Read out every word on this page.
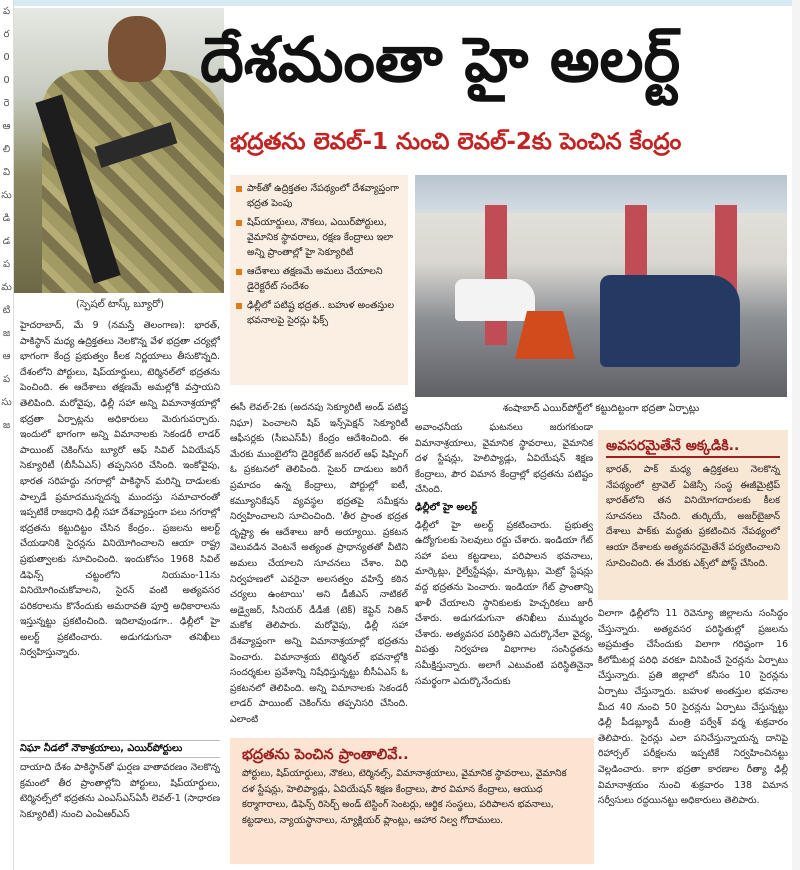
ప
ర
0
0
రె
ఆ
లి
వి
సు
డి
డ
ప
మ
టి
జ
ఆ
ప
సు
జ
దేశమంతా హై అలర్ట్
భద్రతను లెవల్-1 నుంచి లెవల్-2కు పెంచిన కేంద్రం
పాక్‌తో ఉద్రిక్తతల నేపథ్యంలో దేశవ్యాప్తంగా భద్రత పెంపు
షిప్‌యార్డులు, నౌకలు, ఎయిర్‌పోర్టులు, వైమానిక స్థావరాలు, రక్షణ కేంద్రాలు ఇలా అన్ని ప్రాంతాల్లో హై సెక్యూరిటీ
ఆదేశాలు తక్షణమే అమలు చేయాలని డైరెక్టరేట్ సందేశం
ఢిల్లీలో పటిష్ట భద్రత.. బహుళ అంతస్తుల భవనాలపై సైరన్లు ఫిక్స్
శంషాబాద్ ఎయిర్‌పోర్ట్‌లో కట్టుదిట్టంగా భద్రతా ఏర్పాట్లు
(స్పెషల్ టాస్క్ బ్యూరో)

హైదరాబాద్, మే 9 (నమస్తే తెలంగాణ): భారత్, పాకిస్థాన్ మధ్య ఉద్రిక్తతలు నెలకొన్న వేళ భద్రతా చర్యల్లో భాగంగా కేంద్ర ప్రభుత్వం కీలక నిర్ణయాలు తీసుకొన్నది. దేశంలోని పోర్టులు, షిప్‌యార్డులు, టెర్మినల్‌లో భద్రతను పెంచింది. ఈ ఆదేశాలు తక్షణమే అమల్లోకి వస్తాయని తెలిపింది. మరోవైపు, ఢిల్లీ సహా అన్ని విమానాశ్రయాల్లో భద్రతా ఏర్పాట్లను అధికారులు మెరుగుపర్చారు. ఇందులో భాగంగా అన్ని విమానాలకు సెకండరీ లాడర్ పాయింట్ చెకింగ్‌ను బ్యూరో ఆఫ్ సివిల్ ఏవియేషన్ సెక్యూరిటీ (బీసీఏఎస్) తప్పనిసరి చేసింది. ఇంకోవైపు, భారత సరిహద్దు నగరాల్లో పాకిస్థాన్ మరిన్ని దాడులకు పాల్పడే ప్రమాదమున్నదన్న ముందస్తు సమాచారంతో ఇప్పటికే రాజధాని ఢిల్లీ సహా దేశవ్యాప్తంగా పలు నగరాల్లో భద్రతను కట్టుదిట్టం చేసిన కేంద్రం.. ప్రజలను అలర్ట్ చేయడానికి సైరన్లను వినియోగించాలని ఆయా రాష్ట్ర ప్రభుత్వాలకు సూచించింది. ఇందుకోసం 1968 సివిల్ డిఫెన్స్ చట్టంలోని నియమం-11ను వినియోగించుకోవాలని, సైరన్ వంటి అత్యవసర పరికరాలను కొనేందుకు అమరావతి పూర్తి అధికారాలను ఇస్తున్నట్టు ప్రకటించింది. ఇదిలావుండగా.. ఢిల్లీలో హై అలర్ట్ ప్రకటించారు. అడుగడుగునా తనిఖీలు నిర్వహిస్తున్నారు.

నిఘా నీడలో నౌకాశ్రయాలు, ఎయిర్‌పోర్టులు

దాయాది దేశం పాకిస్థాన్‌తో ఘర్షణ వాతావరణం నెలకొన్న క్రమంలో తీర ప్రాంతాల్లోని పోర్టులు, షిప్‌యార్డులు, టెర్మినల్స్‌లో భద్రతను ఎంఎస్‌ఎస్‌ఏసీ లెవల్-1 (సాధారణ సెక్యూరిటీ) నుంచి ఎంఏఆర్‌ఎస్

ఈసీ లెవల్-2కు (అదనపు సెక్యూరిటీ అండ్ పటిష్ట నిఘా) పెంచాలని షిప్ ఇన్స్‌పెక్షన్ సెక్యూరిటీ ఆఫీసర్లకు (సీఐఎస్‌పీ) కేంద్రం ఆదేశించింది. ఈ మేరకు ముంబైలోని డైరెక్టరేట్ జనరల్ ఆఫ్ షిప్పింగ్ ఓ ప్రకటనలో తెలిపింది. సైబర్ దాడులు జరిగే ప్రమాదం ఉన్న కేంద్రాలు, పోర్టుల్లో ఐటీ, కమ్యూనికేషన్ వ్యవస్థల భద్రతపై సమీక్షను నిర్వహించాలని సూచించింది. 'తీర ప్రాంత భద్రత దృష్ట్యా ఈ ఆదేశాలు జారీ అయ్యాయి. ప్రకటన వెలువడిన వెంటనే అత్యంత ప్రాధాన్యతతో వీటిని అమలు చేయాలని సూచనలు చేశాం. విధి నిర్వహణలో ఎవరైనా అలసత్వం వహిస్తే కఠిన చర్యలు ఉంటాయి' అని డీజీఎస్ నాటికల్ అడ్వైజర్, సీనియర్ డీడీజీ (టెక్) కెప్టెన్ నితిన్ మకోక తెలిపారు. మరోవైపు, ఢిల్లీ సహా దేశవ్యాప్తంగా అన్ని విమానాశ్రయాల్లో భద్రతను పెంచారు. విమానాశ్రయ టెర్మినల్ భవనాల్లోకి సందర్శకుల ప్రవేశాన్ని నిషేధిస్తున్నట్టు బీసీఏఎస్ ఓ ప్రకటనలో తెలిపింది. అన్ని విమానాలకు సెకండరీ లాడర్ పాయింట్ చెకింగ్‌ను తప్పనిసరి చేసింది. ఎలాంటి

అవాంఛనీయ ఘటనలు జరుగకుండా విమానాశ్రయాలు, వైమానిక స్థావరాలు, వైమానిక దళ స్టేషన్లు, హెలిప్యాడ్లు, ఏవియేషన్ శిక్షణ కేంద్రాలు, పౌర విమాన కేంద్రాల్లో భద్రతను పటిష్టం చేసింది.

ఢిల్లీలో హై అలర్ట్

ఢిల్లీలో హై అలర్ట్ ప్రకటించారు. ప్రభుత్వ ఉద్యోగులకు సెలవులు రద్దు చేశారు. ఇండియా గేట్ సహా పలు కట్టడాలు, పరిపాలన భవనాలు, మార్కెట్లు, రైల్వేస్టేషన్లు, మార్కెట్లు, మెట్రో స్టేషన్లు వద్ద భద్రతను పెంచారు. ఇండియా గేట్ ప్రాంతాన్ని ఖాళీ చేయాలని స్థానికులకు హెచ్చరికలు జారీ చేశారు. అడుగడుగునా తనిఖీలు ముమ్మరం చేశారు. అత్యవసర పరిస్థితిని ఎదుర్కొనేలా వైద్య, విపత్తు నిర్వహణ విభాగాల సంసిద్ధతను సమీక్షిస్తున్నారు. అలాగే ఎటువంటి పరిస్థితినైనా సమర్థంగా ఎదుర్కొనేందుకు

అవసరమైతేనే అక్కడికి..
భారత్, పాక్ మధ్య ఉద్రిక్తతలు నెలకొన్న నేపథ్యంలో ట్రావెల్ ఏజెన్సీ సంస్థ ఈజీమైట్రిప్ భారత్‌లోని తన వినియోగదారులకు కీలక సూచనలు చేసింది. తుర్కియే, అజర్‌బైజాన్ దేశాలు పాక్‌కు మద్దతు ప్రకటించిన నేపథ్యంలో ఆయా దేశాలకు అత్యవసరమైతేనే పర్యటించాలని సూచించింది. ఈ మేరకు ఎక్స్‌లో పోస్ట్ చేసింది.

విలాగా ఢిల్లీలోని 11 రెవెన్యూ జిల్లాలను సంసిద్ధం చేస్తున్నారు. అత్యవసర పరిస్థితుల్లో ప్రజలను అప్రమత్తం చేసేందుకు విలాగా గరిష్ఠంగా 16 కిలోమీటర్ల పరిధి వరకూ వినిపించే సైరన్లను ఏర్పాటు చేస్తున్నారు. ప్రతి జిల్లాలో కనీసం 10 సైరన్లను ఏర్పాటు చేస్తున్నారు. బహుళ అంతస్తుల భవనాల మీద 40 నుంచి 50 సైరన్లను ఏర్పాటు చేస్తున్నట్టు ఢిల్లీ పీడబ్ల్యూడీ మంత్రి పర్వేశ్ వర్మ శుక్రవారం తెలిపారు. సైరన్లు ఎలా పనిచేస్తున్నాయన్న దానిపై రిహార్సల్ పరీక్షలను ఇప్పటికే నిర్వహించినట్టు వెల్లడించారు. కాగా భద్రతా కారణాల రీత్యా ఢిల్లీ విమానాశ్రయం నుంచి శుక్రవారం 138 విమాన సర్వీసులు రద్దయినట్టు అధికారులు తెలిపారు.

భద్రతను పెంచిన ప్రాంతాలివే..
పోర్టులు, షిప్‌యార్డులు, నౌకలు, టెర్మినల్స్, విమానాశ్రయాలు, వైమానిక స్థావరాలు, వైమానిక దళ స్టేషన్లు, హెలిప్యాడ్లు, ఏవియేషన్ శిక్షణ కేంద్రాలు, పౌర విమాన కేంద్రాలు, ఆయుధ కర్మాగారాలు, డిఫెన్స్ రిసెర్చ్ అండ్ టెస్టింగ్ సెంటర్లు, ఆర్థిక సంస్థలు, పరిపాలన భవనాలు, కట్టడాలు, న్యాయస్థానాలు, న్యూక్లియర్ ప్లాంట్లు, ఆహార నిల్వ గోదాములు.
